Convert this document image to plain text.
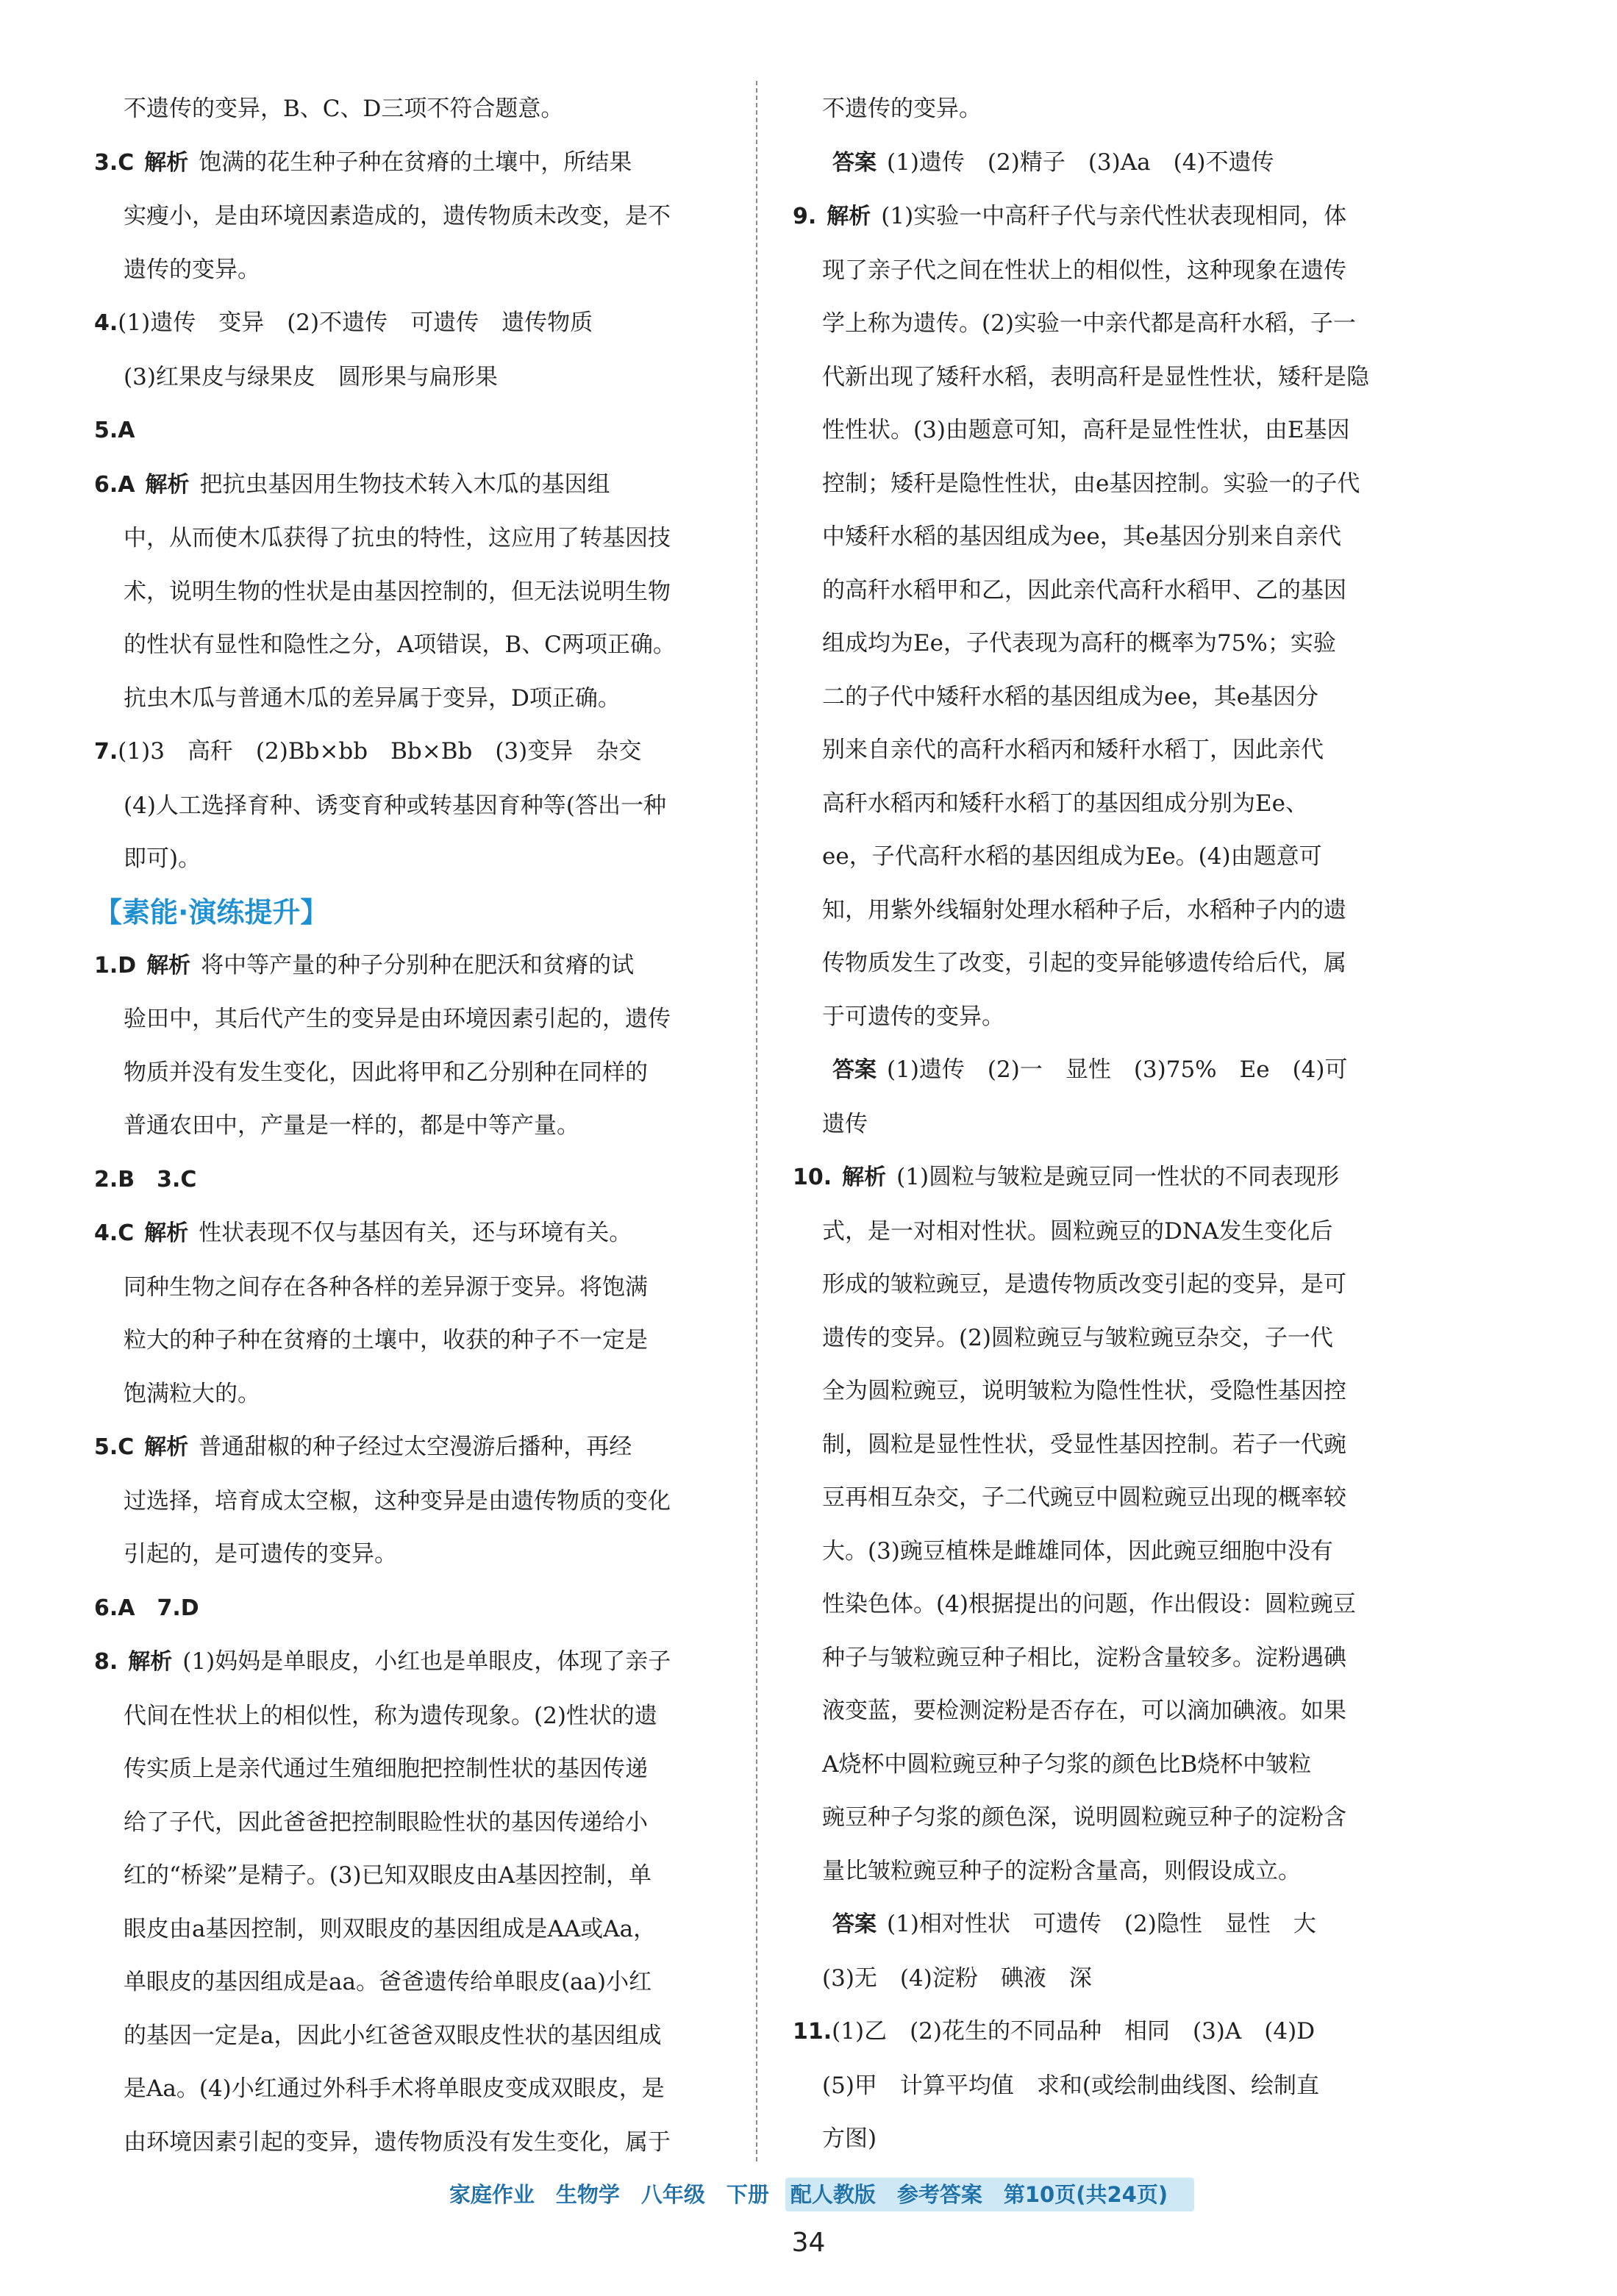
不遗传的变异，B、C、D三项不符合题意。

3.C 解析 饱满的花生种子种在贫瘠的土壤中，所结果

实瘦小，是由环境因素造成的，遗传物质未改变，是不

遗传的变异。

4.(1)遗传　变异　(2)不遗传　可遗传　遗传物质

(3)红果皮与绿果皮　圆形果与扁形果

5.A

6.A 解析 把抗虫基因用生物技术转入木瓜的基因组

中，从而使木瓜获得了抗虫的特性，这应用了转基因技

术，说明生物的性状是由基因控制的，但无法说明生物

的性状有显性和隐性之分，A项错误，B、C两项正确。

抗虫木瓜与普通木瓜的差异属于变异，D项正确。

7.(1)3　高秆　(2)Bb×bb　Bb×Bb　(3)变异　杂交

(4)人工选择育种、诱变育种或转基因育种等(答出一种

即可)。

【素能·演练提升】

1.D 解析 将中等产量的种子分别种在肥沃和贫瘠的试

验田中，其后代产生的变异是由环境因素引起的，遗传

物质并没有发生变化，因此将甲和乙分别种在同样的

普通农田中，产量是一样的，都是中等产量。

2.B　3.C

4.C 解析 性状表现不仅与基因有关，还与环境有关。

同种生物之间存在各种各样的差异源于变异。将饱满

粒大的种子种在贫瘠的土壤中，收获的种子不一定是

饱满粒大的。

5.C 解析 普通甜椒的种子经过太空漫游后播种，再经

过选择，培育成太空椒，这种变异是由遗传物质的变化

引起的，是可遗传的变异。

6.A　7.D

8. 解析 (1)妈妈是单眼皮，小红也是单眼皮，体现了亲子

代间在性状上的相似性，称为遗传现象。(2)性状的遗

传实质上是亲代通过生殖细胞把控制性状的基因传递

给了子代，因此爸爸把控制眼睑性状的基因传递给小

红的“桥梁”是精子。(3)已知双眼皮由A基因控制，单

眼皮由a基因控制，则双眼皮的基因组成是AA或Aa，

单眼皮的基因组成是aa。爸爸遗传给单眼皮(aa)小红

的基因一定是a，因此小红爸爸双眼皮性状的基因组成

是Aa。(4)小红通过外科手术将单眼皮变成双眼皮，是

由环境因素引起的变异，遗传物质没有发生变化，属于

不遗传的变异。

答案 (1)遗传　(2)精子　(3)Aa　(4)不遗传

9. 解析 (1)实验一中高秆子代与亲代性状表现相同，体

现了亲子代之间在性状上的相似性，这种现象在遗传

学上称为遗传。(2)实验一中亲代都是高秆水稻，子一

代新出现了矮秆水稻，表明高秆是显性性状，矮秆是隐

性性状。(3)由题意可知，高秆是显性性状，由E基因

控制；矮秆是隐性性状，由e基因控制。实验一的子代

中矮秆水稻的基因组成为ee，其e基因分别来自亲代

的高秆水稻甲和乙，因此亲代高秆水稻甲、乙的基因

组成均为Ee，子代表现为高秆的概率为75%；实验

二的子代中矮秆水稻的基因组成为ee，其e基因分

别来自亲代的高秆水稻丙和矮秆水稻丁，因此亲代

高秆水稻丙和矮秆水稻丁的基因组成分别为Ee、

ee，子代高秆水稻的基因组成为Ee。(4)由题意可

知，用紫外线辐射处理水稻种子后，水稻种子内的遗

传物质发生了改变，引起的变异能够遗传给后代，属

于可遗传的变异。

答案 (1)遗传　(2)一　显性　(3)75%　Ee　(4)可

遗传

10. 解析 (1)圆粒与皱粒是豌豆同一性状的不同表现形

式，是一对相对性状。圆粒豌豆的DNA发生变化后

形成的皱粒豌豆，是遗传物质改变引起的变异，是可

遗传的变异。(2)圆粒豌豆与皱粒豌豆杂交，子一代

全为圆粒豌豆，说明皱粒为隐性性状，受隐性基因控

制，圆粒是显性性状，受显性基因控制。若子一代豌

豆再相互杂交，子二代豌豆中圆粒豌豆出现的概率较

大。(3)豌豆植株是雌雄同体，因此豌豆细胞中没有

性染色体。(4)根据提出的问题，作出假设：圆粒豌豆

种子与皱粒豌豆种子相比，淀粉含量较多。淀粉遇碘

液变蓝，要检测淀粉是否存在，可以滴加碘液。如果

A烧杯中圆粒豌豆种子匀浆的颜色比B烧杯中皱粒

豌豆种子匀浆的颜色深，说明圆粒豌豆种子的淀粉含

量比皱粒豌豆种子的淀粉含量高，则假设成立。

答案 (1)相对性状　可遗传　(2)隐性　显性　大

(3)无　(4)淀粉　碘液　深

11.(1)乙　(2)花生的不同品种　相同　(3)A　(4)D

(5)甲　计算平均值　求和(或绘制曲线图、绘制直

方图)

家庭作业　生物学　八年级　下册　配人教版　参考答案　第10页(共24页)
34
